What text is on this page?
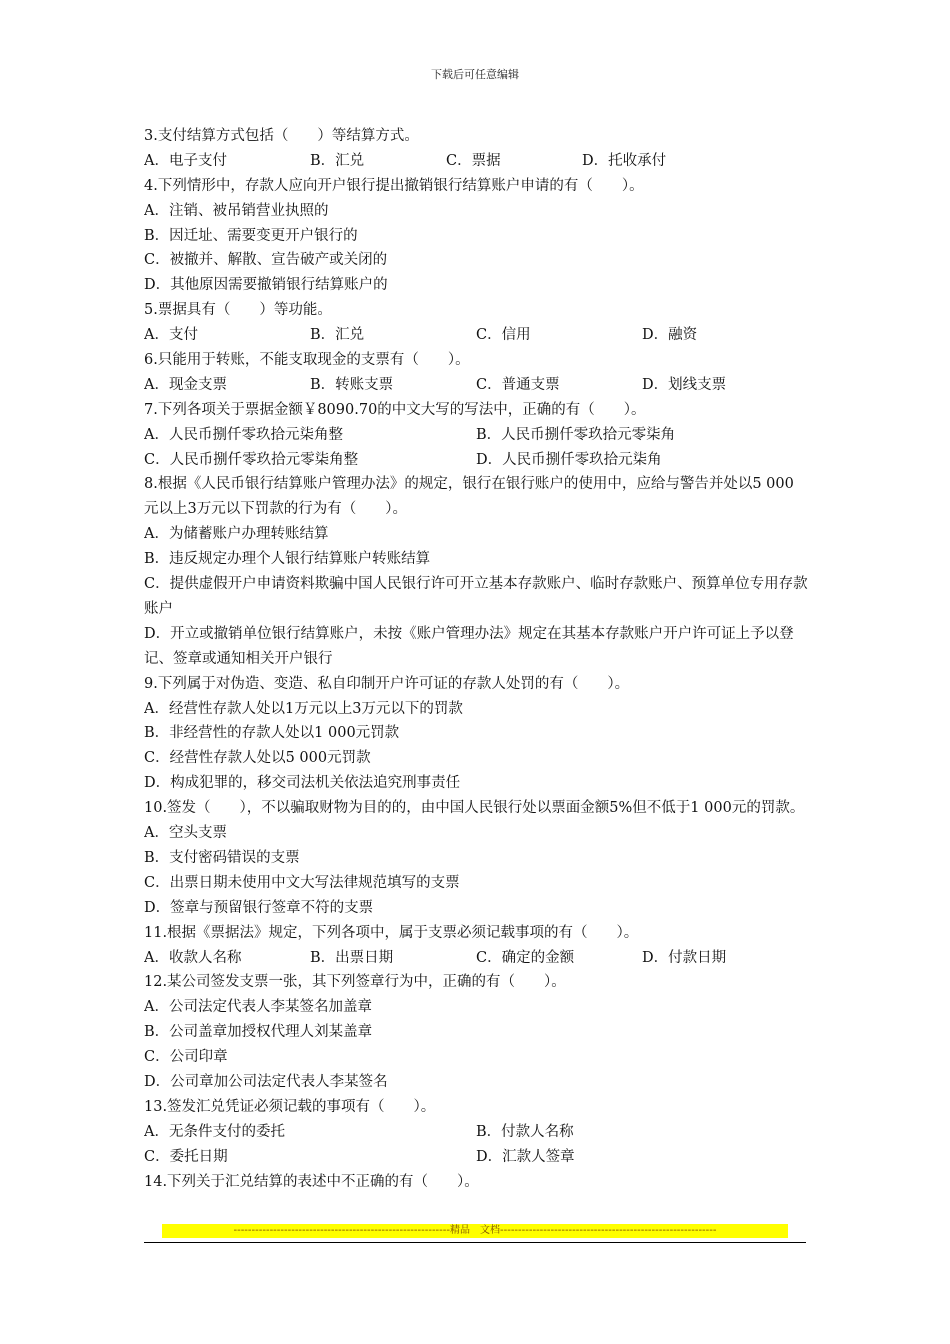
下载后可任意编辑
3.支付结算方式包括（　　）等结算方式。
A．电子支付	B．汇兑	C．票据	D．托收承付
4.下列情形中，存款人应向开户银行提出撤销银行结算账户申请的有（　　）。
A．注销、被吊销营业执照的
B．因迁址、需要变更开户银行的
C．被撤并、解散、宣告破产或关闭的
D．其他原因需要撤销银行结算账户的
5.票据具有（　　）等功能。
A．支付	B．汇兑	C．信用	D．融资
6.只能用于转账，不能支取现金的支票有（　　）。
A．现金支票	B．转账支票	C．普通支票	D．划线支票
7.下列各项关于票据金额￥8090.70的中文大写的写法中，正确的有（　　）。
A．人民币捌仟零玖拾元柒角整	B．人民币捌仟零玖拾元零柒角
C．人民币捌仟零玖拾元零柒角整	D．人民币捌仟零玖拾元柒角
8.根据《人民币银行结算账户管理办法》的规定，银行在银行账户的使用中，应给与警告并处以5 000元以上3万元以下罚款的行为有（　　）。
A．为储蓄账户办理转账结算
B．违反规定办理个人银行结算账户转账结算
C．提供虚假开户申请资料欺骗中国人民银行许可开立基本存款账户、临时存款账户、预算单位专用存款账户
D．开立或撤销单位银行结算账户，未按《账户管理办法》规定在其基本存款账户开户许可证上予以登记、签章或通知相关开户银行
9.下列属于对伪造、变造、私自印制开户许可证的存款人处罚的有（　　）。
A．经营性存款人处以1万元以上3万元以下的罚款
B．非经营性的存款人处以1 000元罚款
C．经营性存款人处以5 000元罚款
D．构成犯罪的，移交司法机关依法追究刑事责任
10.签发（　　），不以骗取财物为目的的，由中国人民银行处以票面金额5%但不低于1 000元的罚款。
A．空头支票
B．支付密码错误的支票
C．出票日期未使用中文大写法律规范填写的支票
D．签章与预留银行签章不符的支票
11.根据《票据法》规定，下列各项中，属于支票必须记载事项的有（　　）。
A．收款人名称	B．出票日期	C．确定的金额	D．付款日期
12.某公司签发支票一张，其下列签章行为中，正确的有（　　）。
A．公司法定代表人李某签名加盖章
B．公司盖章加授权代理人刘某盖章
C．公司印章
D．公司章加公司法定代表人李某签名
13.签发汇兑凭证必须记载的事项有（　　）。
A．无条件支付的委托	B．付款人名称
C．委托日期	D．汇款人签章
14.下列关于汇兑结算的表述中不正确的有（　　）。
------------------------------------------------------------精品　文档------------------------------------------------------------
